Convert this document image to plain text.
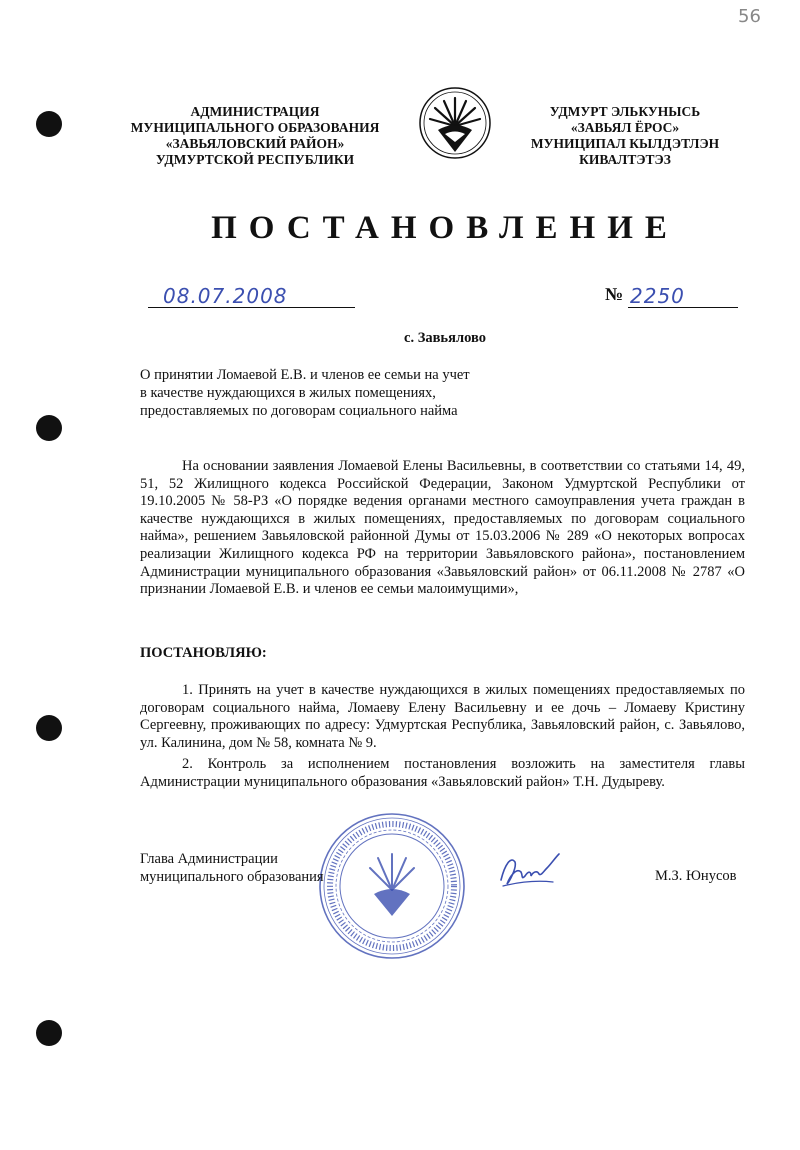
56
АДМИНИСТРАЦИЯ
МУНИЦИПАЛЬНОГО ОБРАЗОВАНИЯ
«ЗАВЬЯЛОВСКИЙ РАЙОН»
УДМУРТСКОЙ РЕСПУБЛИКИ
УДМУРТ ЭЛЬКУНЫСЬ
«ЗАВЬЯЛ ЁРОС»
МУНИЦИПАЛ КЫЛДЭТЛЭН
КИВАЛТЭТЭЗ
ПОСТАНОВЛЕНИЕ
08.07.2008	№ 2250
с. Завьялово
О принятии Ломаевой Е.В. и членов ее семьи на учет
в качестве нуждающихся в жилых помещениях,
предоставляемых по договорам социального найма
На основании заявления Ломаевой Елены Васильевны, в соответствии со статьями 14, 49, 51, 52 Жилищного кодекса Российской Федерации, Законом Удмуртской Республики от 19.10.2005 № 58-РЗ «О порядке ведения органами местного самоуправления учета граждан в качестве нуждающихся в жилых помещениях, предоставляемых по договорам социального найма», решением Завьяловской районной Думы от 15.03.2006 № 289 «О некоторых вопросах реализации Жилищного кодекса РФ на территории Завьяловского района», постановлением Администрации муниципального образования «Завьяловский район» от 06.11.2008 № 2787 «О признании Ломаевой Е.В. и членов ее семьи малоимущими»,
ПОСТАНОВЛЯЮ:
1. Принять на учет в качестве нуждающихся в жилых помещениях предоставляемых по договорам социального найма, Ломаеву Елену Васильевну и ее дочь – Ломаеву Кристину Сергеевну, проживающих по адресу: Удмуртская Республика, Завьяловский район, с. Завьялово, ул. Калинина, дом № 58, комната № 9.
2. Контроль за исполнением постановления возложить на заместителя главы Администрации муниципального образования «Завьяловский район» Т.Н. Дудыреву.
Глава Администрации
муниципального образования	М.З. Юнусов
